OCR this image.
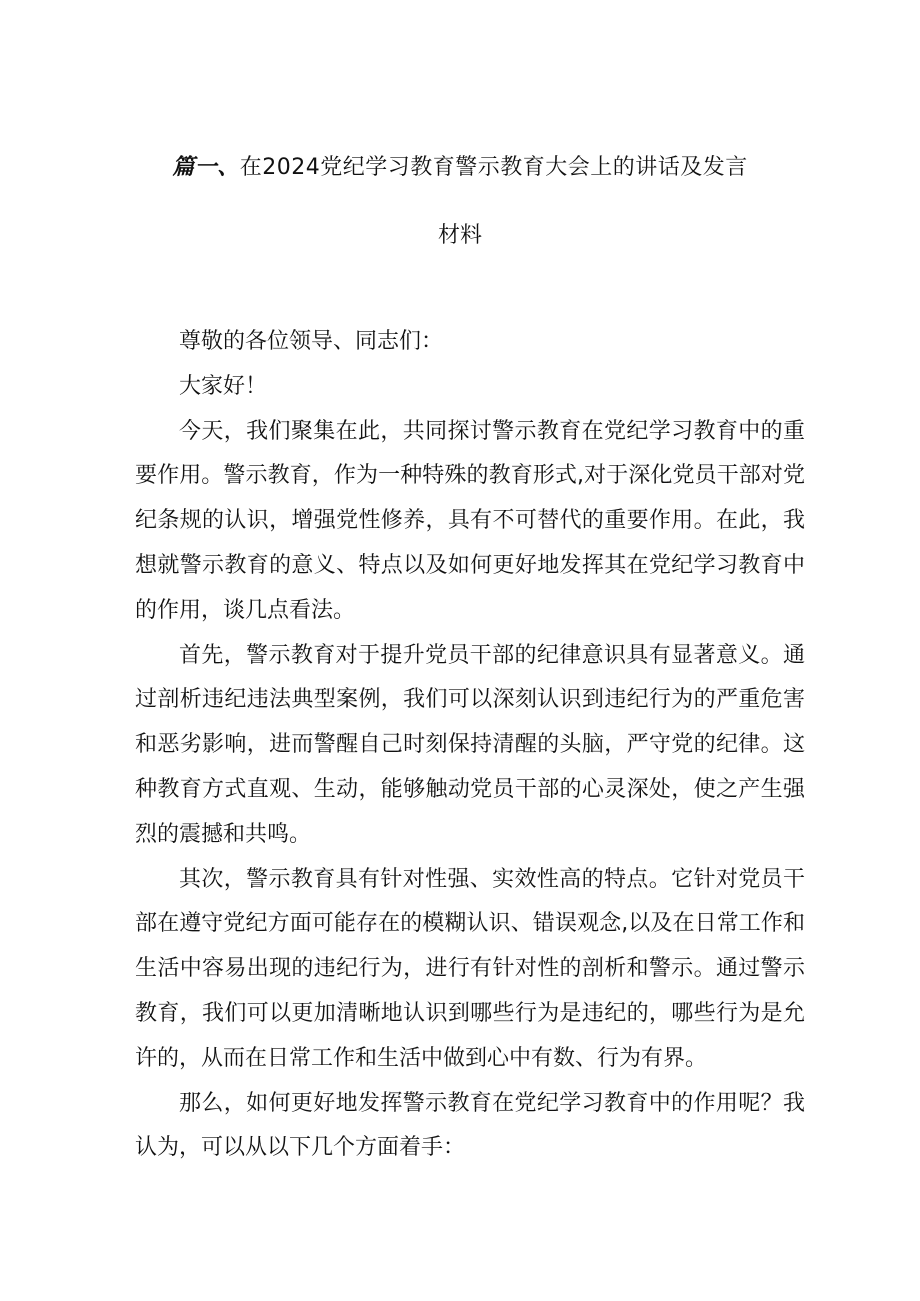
篇一、在2024党纪学习教育警示教育大会上的讲话及发言
材料

尊敬的各位领导、同志们：

大家好！

今天，我们聚集在此，共同探讨警示教育在党纪学习教育中的重要作用。警示教育，作为一种特殊的教育形式,对于深化党员干部对党纪条规的认识，增强党性修养，具有不可替代的重要作用。在此，我想就警示教育的意义、特点以及如何更好地发挥其在党纪学习教育中的作用，谈几点看法。

首先，警示教育对于提升党员干部的纪律意识具有显著意义。通过剖析违纪违法典型案例，我们可以深刻认识到违纪行为的严重危害和恶劣影响，进而警醒自己时刻保持清醒的头脑，严守党的纪律。这种教育方式直观、生动，能够触动党员干部的心灵深处，使之产生强烈的震撼和共鸣。

其次，警示教育具有针对性强、实效性高的特点。它针对党员干部在遵守党纪方面可能存在的模糊认识、错误观念,以及在日常工作和生活中容易出现的违纪行为，进行有针对性的剖析和警示。通过警示教育，我们可以更加清晰地认识到哪些行为是违纪的，哪些行为是允许的，从而在日常工作和生活中做到心中有数、行为有界。

那么，如何更好地发挥警示教育在党纪学习教育中的作用呢？我认为，可以从以下几个方面着手：
